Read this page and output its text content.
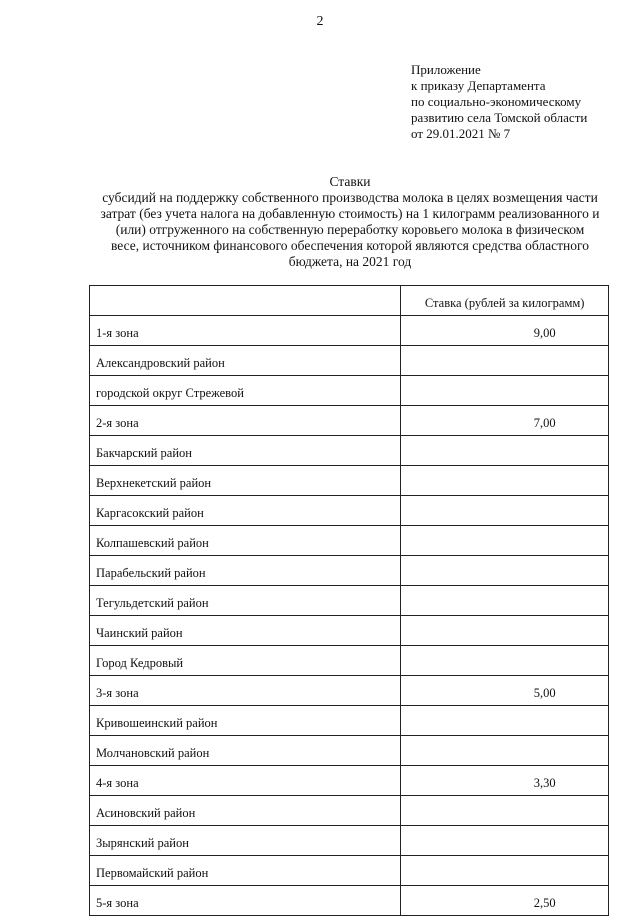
2
Приложение
к приказу Департамента
по социально-экономическому
развитию села Томской области
от 29.01.2021 № 7
Ставки
субсидий на поддержку собственного производства молока в целях возмещения части
затрат (без учета налога на добавленную стоимость) на 1 килограмм реализованного и
(или) отгруженного на собственную переработку коровьего молока в физическом
весе, источником финансового обеспечения которой являются средства областного
бюджета, на 2021 год
	Ставка (рублей за килограмм)
1-я зона	9,00
Александровский район	
городской округ Стрежевой	
2-я зона	7,00
Бакчарский район	
Верхнекетский район	
Каргасокский район	
Колпашевский район	
Парабельский район	
Тегульдетский район	
Чаинский район	
Город Кедровый	
3-я зона	5,00
Кривошеинский район	
Молчановский район	
4-я зона	3,30
Асиновский район	
Зырянский район	
Первомайский район	
5-я зона	2,50
